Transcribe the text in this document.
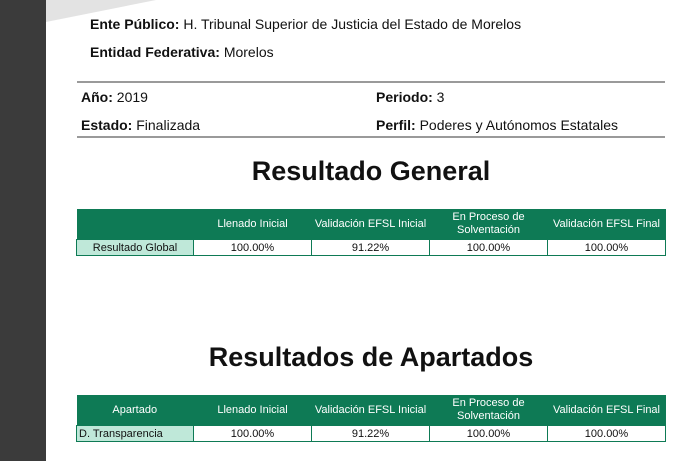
Ente Público: H. Tribunal Superior de Justicia del Estado de Morelos
Entidad Federativa: Morelos
Año: 2019	Periodo: 3
Estado: Finalizada	Perfil: Poderes y Autónomos Estatales
Resultado General
	Llenado Inicial	Validación EFSL Inicial	En Proceso de Solventación	Validación EFSL Final
Resultado Global	100.00%	91.22%	100.00%	100.00%
Resultados de Apartados
Apartado	Llenado Inicial	Validación EFSL Inicial	En Proceso de Solventación	Validación EFSL Final
D. Transparencia	100.00%	91.22%	100.00%	100.00%
